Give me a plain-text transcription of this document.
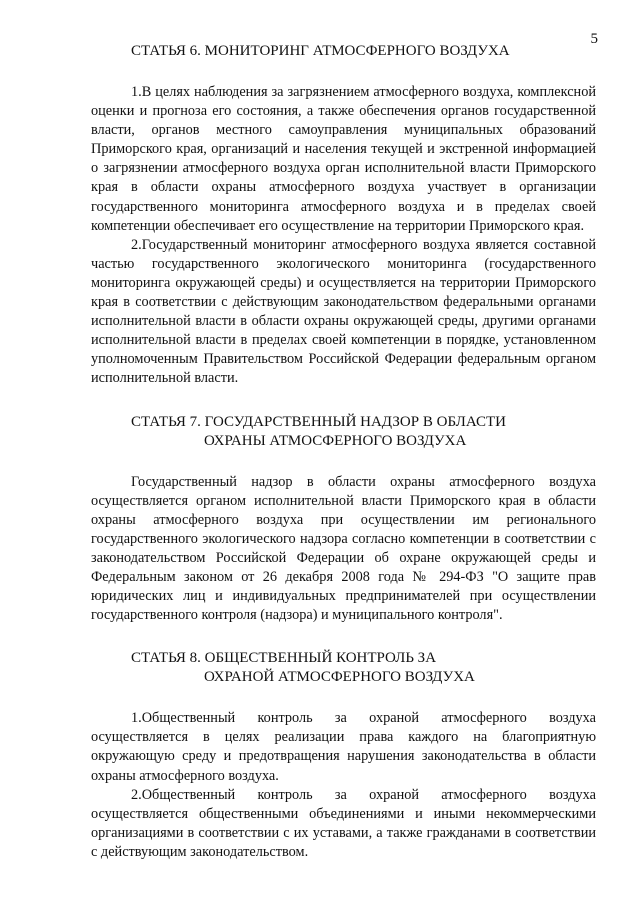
5
СТАТЬЯ 6. МОНИТОРИНГ АТМОСФЕРНОГО ВОЗДУХА

1.В целях наблюдения за загрязнением атмосферного воздуха, комплексной оценки и прогноза его состояния, а также обеспечения органов государственной власти, органов местного самоуправления муниципальных образований Приморского края, организаций и населения текущей и экстренной информацией о загрязнении атмосферного воздуха орган исполнительной власти Приморского края в области охраны атмосферного воздуха участвует в организации государственного мониторинга атмосферного воздуха и в пределах своей компетенции обеспечивает его осуществление на территории Приморского края.

2.Государственный мониторинг атмосферного воздуха является составной частью государственного экологического мониторинга (государственного мониторинга окружающей среды) и осуществляется на территории Приморского края в соответствии с действующим законодательством федеральными органами исполнительной власти в области охраны окружающей среды, другими органами исполнительной власти в пределах своей компетенции в порядке, установленном уполномоченным Правительством Российской Федерации федеральным органом исполнительной власти.

СТАТЬЯ 7. ГОСУДАРСТВЕННЫЙ НАДЗОР В ОБЛАСТИ
ОХРАНЫ АТМОСФЕРНОГО ВОЗДУХА

Государственный надзор в области охраны атмосферного воздуха осуществляется органом исполнительной власти Приморского края в области охраны атмосферного воздуха при осуществлении им регионального государственного экологического надзора согласно компетенции в соответствии с законодательством Российской Федерации об охране окружающей среды и Федеральным законом от 26 декабря 2008 года № 294-ФЗ "О защите прав юридических лиц и индивидуальных предпринимателей при осуществлении государственного контроля (надзора) и муниципального контроля".

СТАТЬЯ 8. ОБЩЕСТВЕННЫЙ КОНТРОЛЬ ЗА
ОХРАНОЙ АТМОСФЕРНОГО ВОЗДУХА

1.Общественный контроль за охраной атмосферного воздуха осуществляется в целях реализации права каждого на благоприятную окружающую среду и предотвращения нарушения законодательства в области охраны атмосферного воздуха.

2.Общественный контроль за охраной атмосферного воздуха осуществляется общественными объединениями и иными некоммерческими организациями в соответствии с их уставами, а также гражданами в соответствии с действующим законодательством.
